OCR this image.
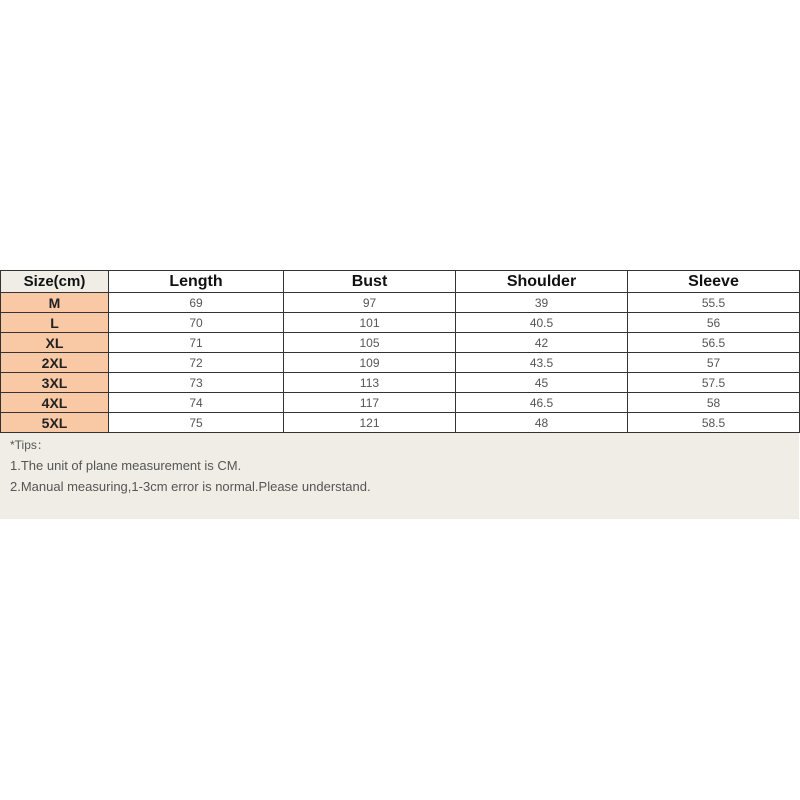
Size(cm)	Length	Bust	Shoulder	Sleeve
M	69	97	39	55.5
L	70	101	40.5	56
XL	71	105	42	56.5
2XL	72	109	43.5	57
3XL	73	113	45	57.5
4XL	74	117	46.5	58
5XL	75	121	48	58.5
*Tips：
1.The unit of plane measurement is CM.
2.Manual measuring,1-3cm error is normal.Please understand.
